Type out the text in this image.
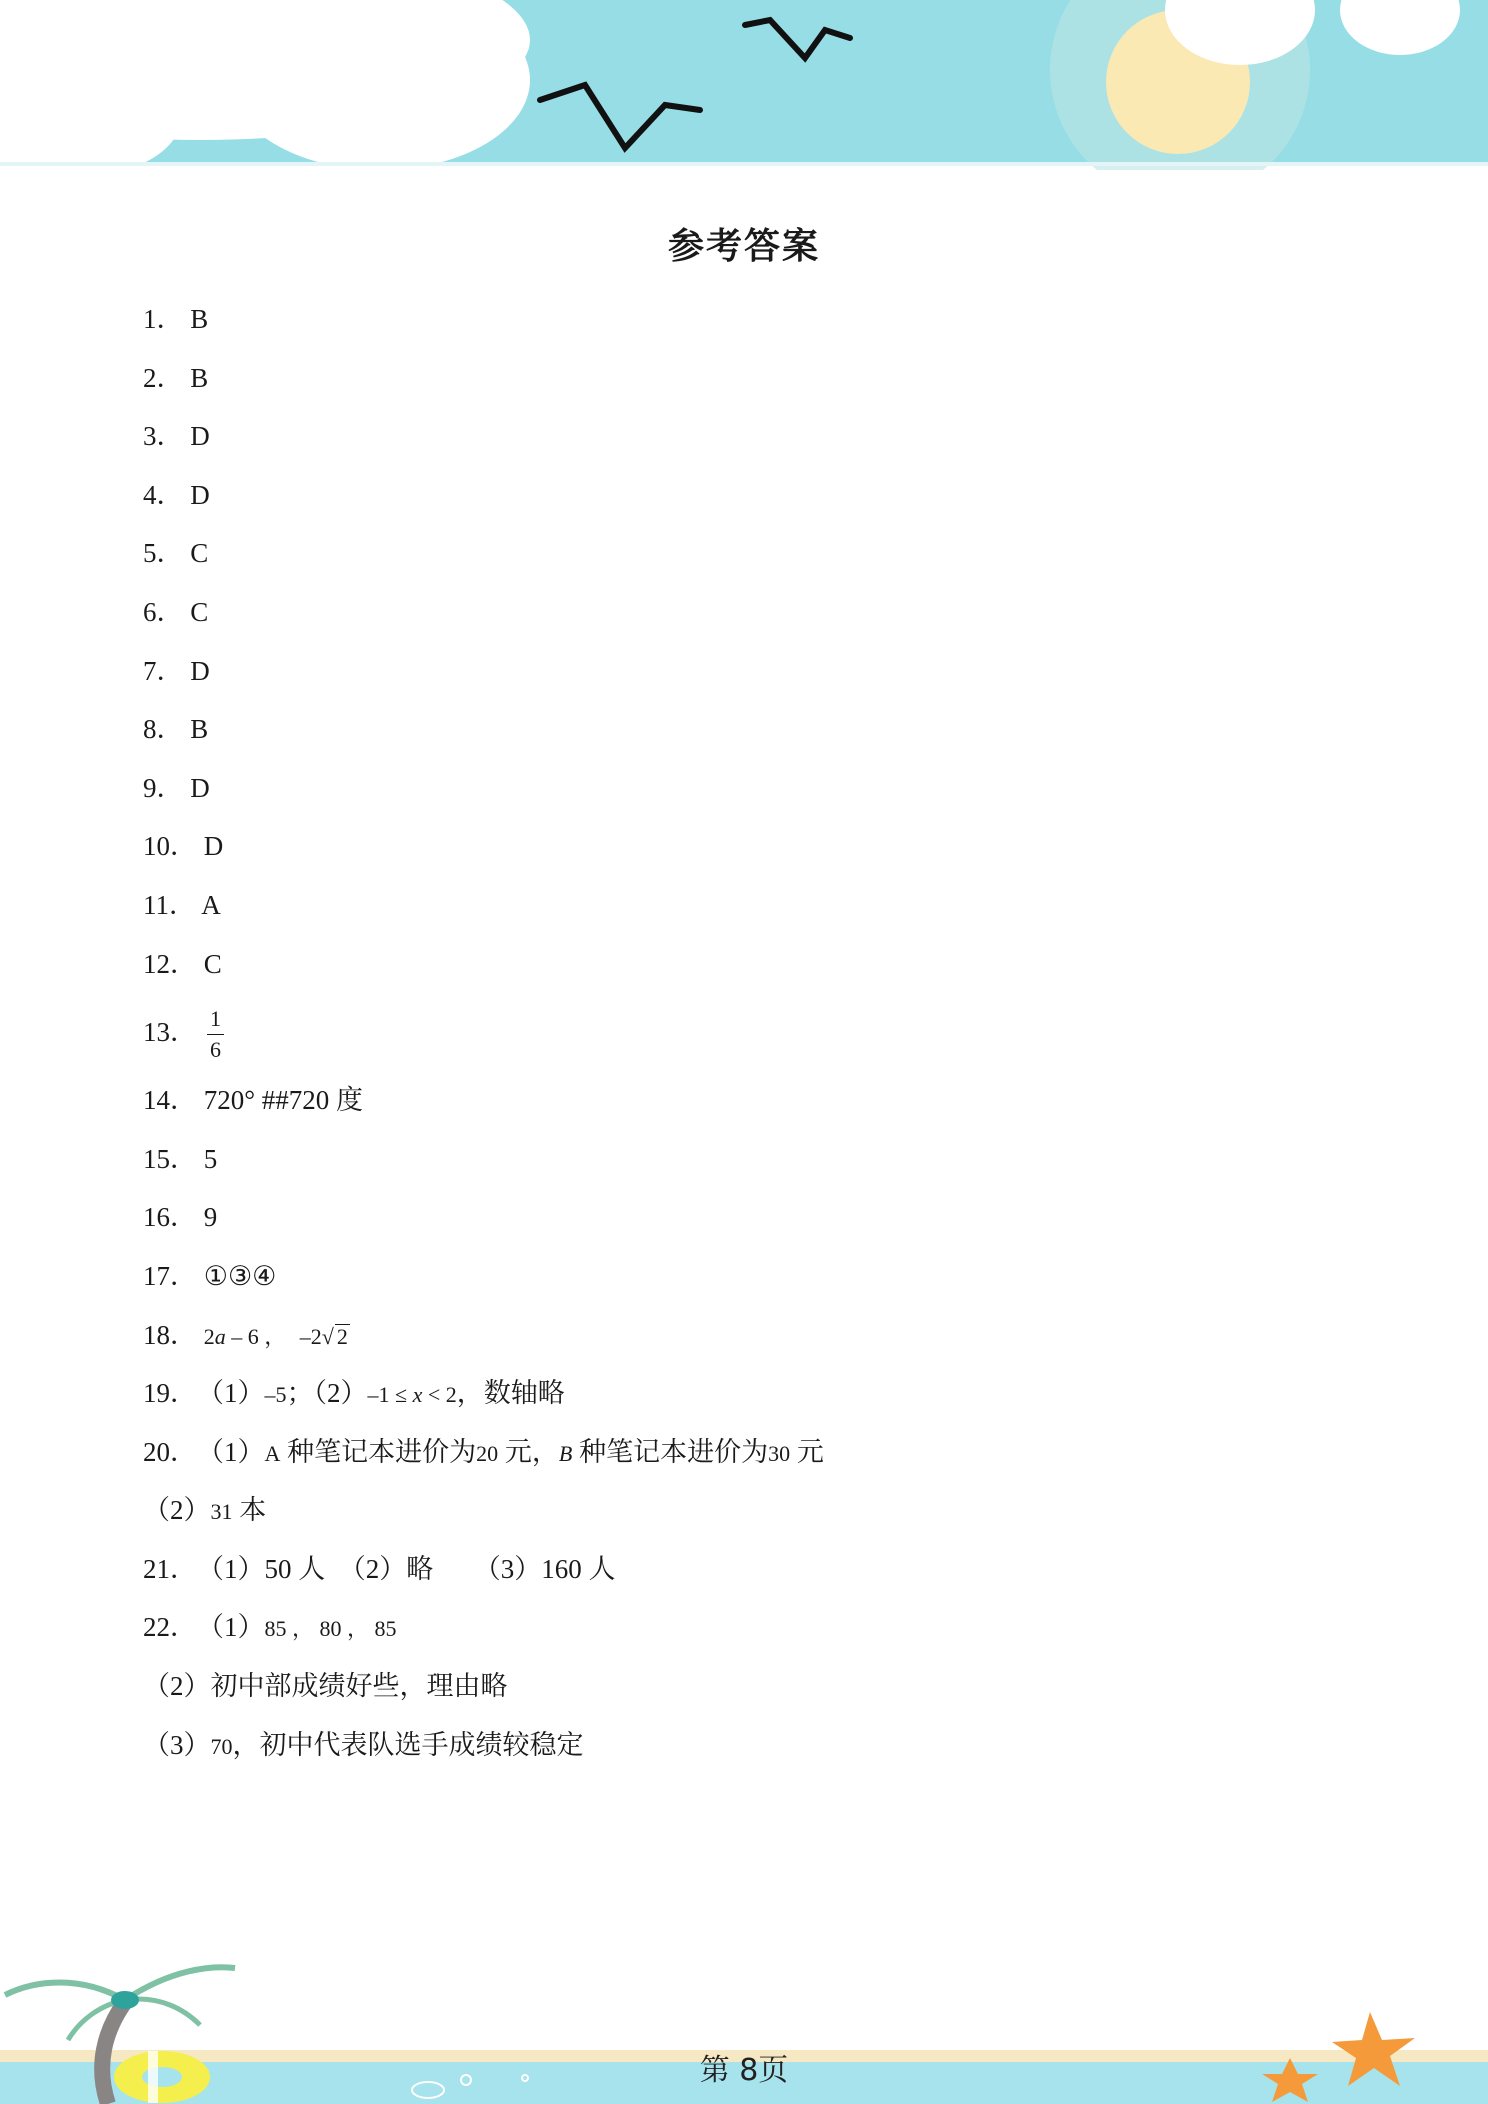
参考答案
1． B
2． B
3． D
4． D
5． C
6． C
7． D
8． B
9． D
10． D
11． A
12． C
13． $\frac{1}{6}$
14． 720° ##720 度
15． 5
16． 9
17． ①③④
18． 2a – 6 ， –2√ 2
19．（1）–5；（2）–1 ≤ x < 2，数轴略
20．（1）A 种笔记本进价为20 元，B 种笔记本进价为30 元
（2）31 本
21．（1）50 人　（2）略　　（3）160 人
22．（1）85 ， 80 ， 85
（2）初中部成绩好些，理由略
（3）70，初中代表队选手成绩较稳定
第 8页
